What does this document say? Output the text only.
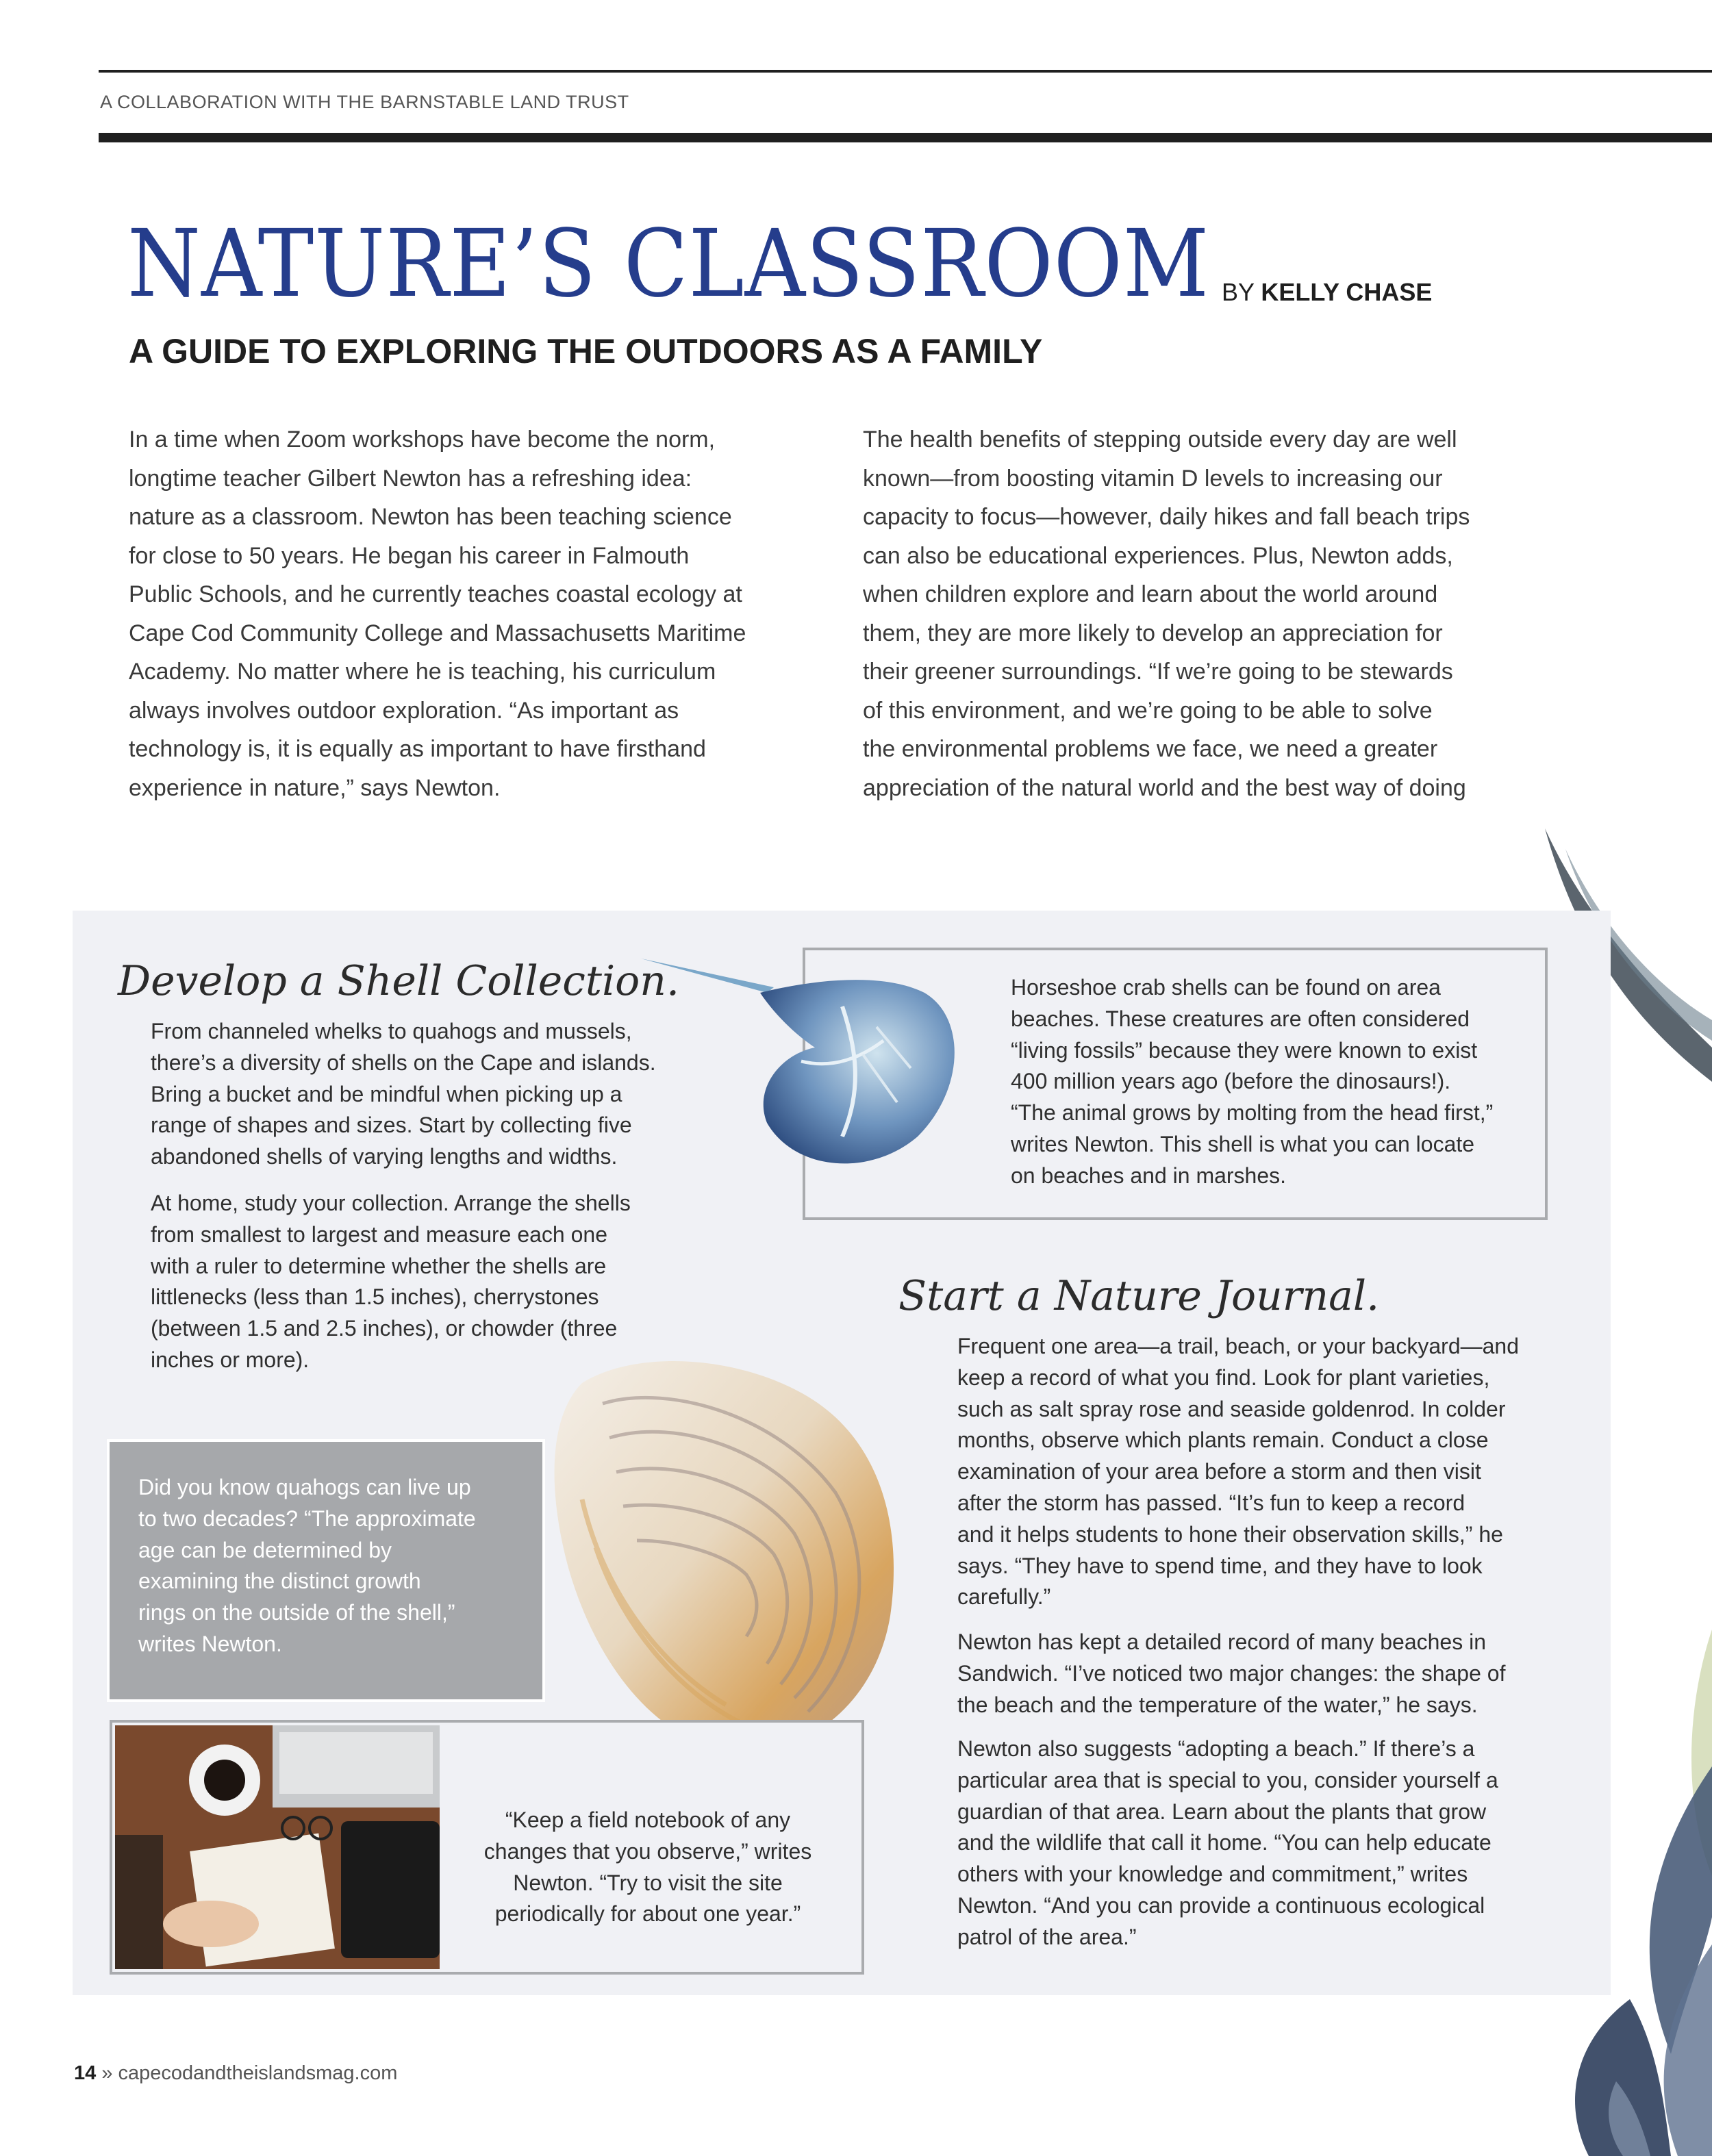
A COLLABORATION WITH THE BARNSTABLE LAND TRUST
NATURE’S CLASSROOM BY KELLY CHASE
A GUIDE TO EXPLORING THE OUTDOORS AS A FAMILY
In a time when Zoom workshops have become the norm,
longtime teacher Gilbert Newton has a refreshing idea:
nature as a classroom. Newton has been teaching science
for close to 50 years. He began his career in Falmouth
Public Schools, and he currently teaches coastal ecology at
Cape Cod Community College and Massachusetts Maritime
Academy. No matter where he is teaching, his curriculum
always involves outdoor exploration. “As important as
technology is, it is equally as important to have firsthand
experience in nature,” says Newton.
The health benefits of stepping outside every day are well
known—from boosting vitamin D levels to increasing our
capacity to focus—however, daily hikes and fall beach trips
can also be educational experiences. Plus, Newton adds,
when children explore and learn about the world around
them, they are more likely to develop an appreciation for
their greener surroundings. “If we’re going to be stewards
of this environment, and we’re going to be able to solve
the environmental problems we face, we need a greater
appreciation of the natural world and the best way of doing
Develop a Shell Collection.
From channeled whelks to quahogs and mussels,
there’s a diversity of shells on the Cape and islands.
Bring a bucket and be mindful when picking up a
range of shapes and sizes. Start by collecting five
abandoned shells of varying lengths and widths.
At home, study your collection. Arrange the shells
from smallest to largest and measure each one
with a ruler to determine whether the shells are
littlenecks (less than 1.5 inches), cherrystones
(between 1.5 and 2.5 inches), or chowder (three
inches or more).
Horseshoe crab shells can be found on area
beaches. These creatures are often considered
“living fossils” because they were known to exist
400 million years ago (before the dinosaurs!).
“The animal grows by molting from the head first,”
writes Newton. This shell is what you can locate
on beaches and in marshes.
Start a Nature Journal.
Frequent one area—a trail, beach, or your backyard—and
keep a record of what you find. Look for plant varieties,
such as salt spray rose and seaside goldenrod. In colder
months, observe which plants remain. Conduct a close
examination of your area before a storm and then visit
after the storm has passed. “It’s fun to keep a record
and it helps students to hone their observation skills,” he
says. “They have to spend time, and they have to look
carefully.”
Newton has kept a detailed record of many beaches in
Sandwich. “I’ve noticed two major changes: the shape of
the beach and the temperature of the water,” he says.
Newton also suggests “adopting a beach.” If there’s a
particular area that is special to you, consider yourself a
guardian of that area. Learn about the plants that grow
and the wildlife that call it home. “You can help educate
others with your knowledge and commitment,” writes
Newton. “And you can provide a continuous ecological
patrol of the area.”
Did you know quahogs can live up
to two decades? “The approximate
age can be determined by
examining the distinct growth
rings on the outside of the shell,”
writes Newton.
“Keep a field notebook of any
changes that you observe,” writes
Newton. “Try to visit the site
periodically for about one year.”
14 » capecodandtheislandsmag.com
